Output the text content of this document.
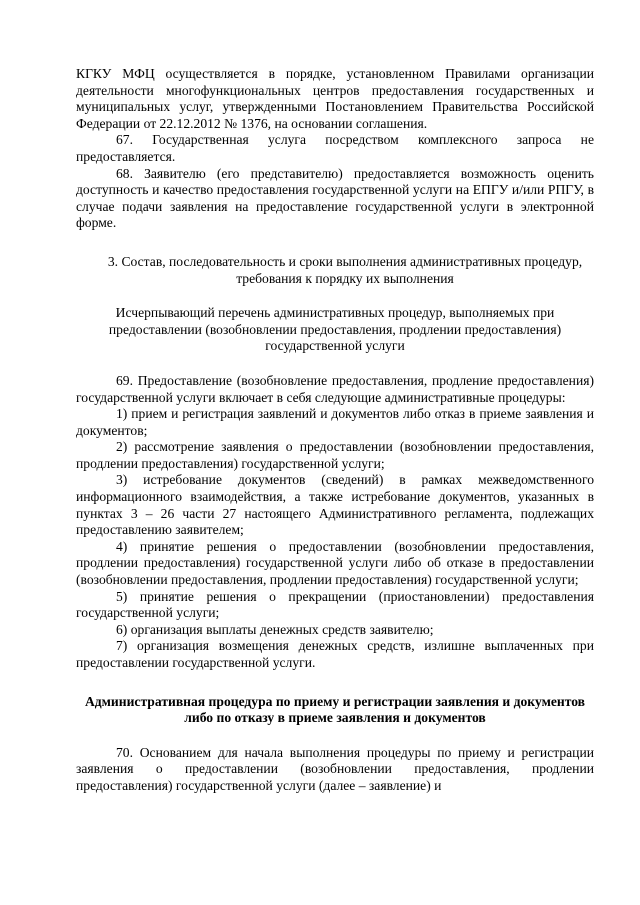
КГКУ МФЦ осуществляется в порядке, установленном Правилами организации деятельности многофункциональных центров предоставления государственных и муниципальных услуг, утвержденными Постановлением Правительства Российской Федерации от 22.12.2012 № 1376, на основании соглашения.

67. Государственная услуга посредством комплексного запроса не предоставляется.

68. Заявителю (его представителю) предоставляется возможность оценить доступность и качество предоставления государственной услуги на ЕПГУ и/или РПГУ, в случае подачи заявления на предоставление государственной услуги в электронной форме.

3. Состав, последовательность и сроки выполнения административных процедур, требования к порядку их выполнения

Исчерпывающий перечень административных процедур, выполняемых при предоставлении (возобновлении предоставления, продлении предоставления) государственной услуги

69. Предоставление (возобновление предоставления, продление предоставления) государственной услуги включает в себя следующие административные процедуры:

1) прием и регистрация заявлений и документов либо отказ в приеме заявления и документов;

2) рассмотрение заявления о предоставлении (возобновлении предоставления, продлении предоставления) государственной услуги;

3) истребование документов (сведений) в рамках межведомственного информационного взаимодействия, а также истребование документов, указанных в пунктах 3 – 26 части 27 настоящего Административного регламента, подлежащих предоставлению заявителем;

4) принятие решения о предоставлении (возобновлении предоставления, продлении предоставления) государственной услуги либо об отказе в предоставлении (возобновлении предоставления, продлении предоставления) государственной услуги;

5) принятие решения о прекращении (приостановлении) предоставления государственной услуги;

6) организация выплаты денежных средств заявителю;

7) организация возмещения денежных средств, излишне выплаченных при предоставлении государственной услуги.

Административная процедура по приему и регистрации заявления и документов либо по отказу в приеме заявления и документов

70. Основанием для начала выполнения процедуры по приему и регистрации заявления о предоставлении (возобновлении предоставления, продлении предоставления) государственной услуги (далее – заявление) и
